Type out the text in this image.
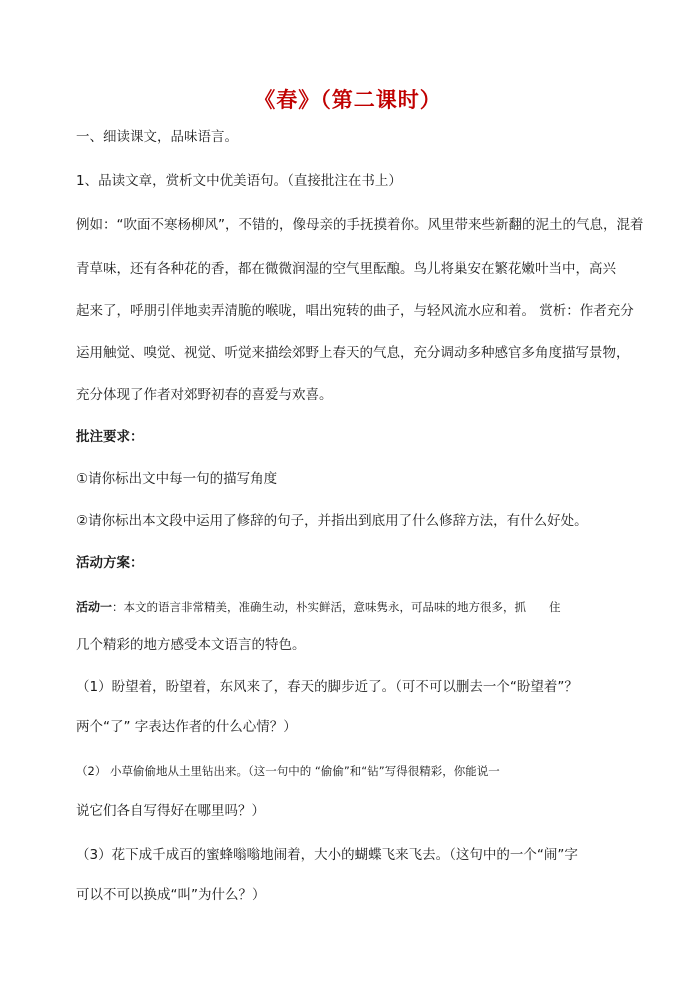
《春》（第二课时）
一、细读课文，品味语言。
1、品读文章，赏析文中优美语句。（直接批注在书上）
例如：“吹面不寒杨柳风”，不错的，像母亲的手抚摸着你。风里带来些新翻的泥土的气息，混着
青草味，还有各种花的香，都在微微润湿的空气里酝酿。鸟儿将巢安在繁花嫩叶当中，高兴
起来了，呼朋引伴地卖弄清脆的喉咙，唱出宛转的曲子，与轻风流水应和着。 赏析：作者充分
运用触觉、嗅觉、视觉、听觉来描绘郊野上春天的气息，充分调动多种感官多角度描写景物，
充分体现了作者对郊野初春的喜爱与欢喜。
批注要求：
①请你标出文中每一句的描写角度
②请你标出本文段中运用了修辞的句子，并指出到底用了什么修辞方法，有什么好处。
活动方案：
活动一：本文的语言非常精美，准确生动，朴实鲜活，意味隽永，可品味的地方很多，抓　　住
几个精彩的地方感受本文语言的特色。
（1）盼望着，盼望着，东风来了，春天的脚步近了。（可不可以删去一个“盼望着”？
两个“了” 字表达作者的什么心情？）
（2） 小草偷偷地从土里钻出来。（这一句中的 “偷偷”和“钻”写得很精彩，你能说一
说它们各自写得好在哪里吗？）
（3）花下成千成百的蜜蜂嗡嗡地闹着，大小的蝴蝶飞来飞去。（这句中的一个“闹”字
可以不可以换成“叫”为什么？）
